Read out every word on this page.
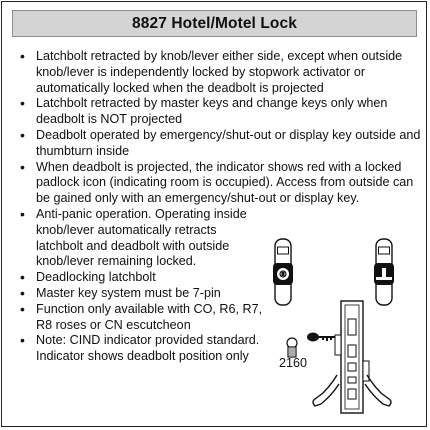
8827 Hotel/Motel Lock
• Latchbolt retracted by knob/lever either side, except when outside knob/lever is independently locked by stopwork activator or automatically locked when the deadbolt is projected
• Latchbolt retracted by master keys and change keys only when deadbolt is NOT projected
• Deadbolt operated by emergency/shut-out or display key outside and thumbturn inside
• When deadbolt is projected, the indicator shows red with a locked padlock icon (indicating room is occupied). Access from outside can be gained only with an emergency/shut-out or display key.
• Anti-panic operation. Operating inside knob/lever automatically retracts latchbolt and deadbolt with outside knob/lever remaining locked.
• Deadlocking latchbolt
• Master key system must be 7-pin
• Function only available with CO, R6, R7, R8 roses or CN escutcheon
• Note: CIND indicator provided standard. Indicator shows deadbolt position only	2160
